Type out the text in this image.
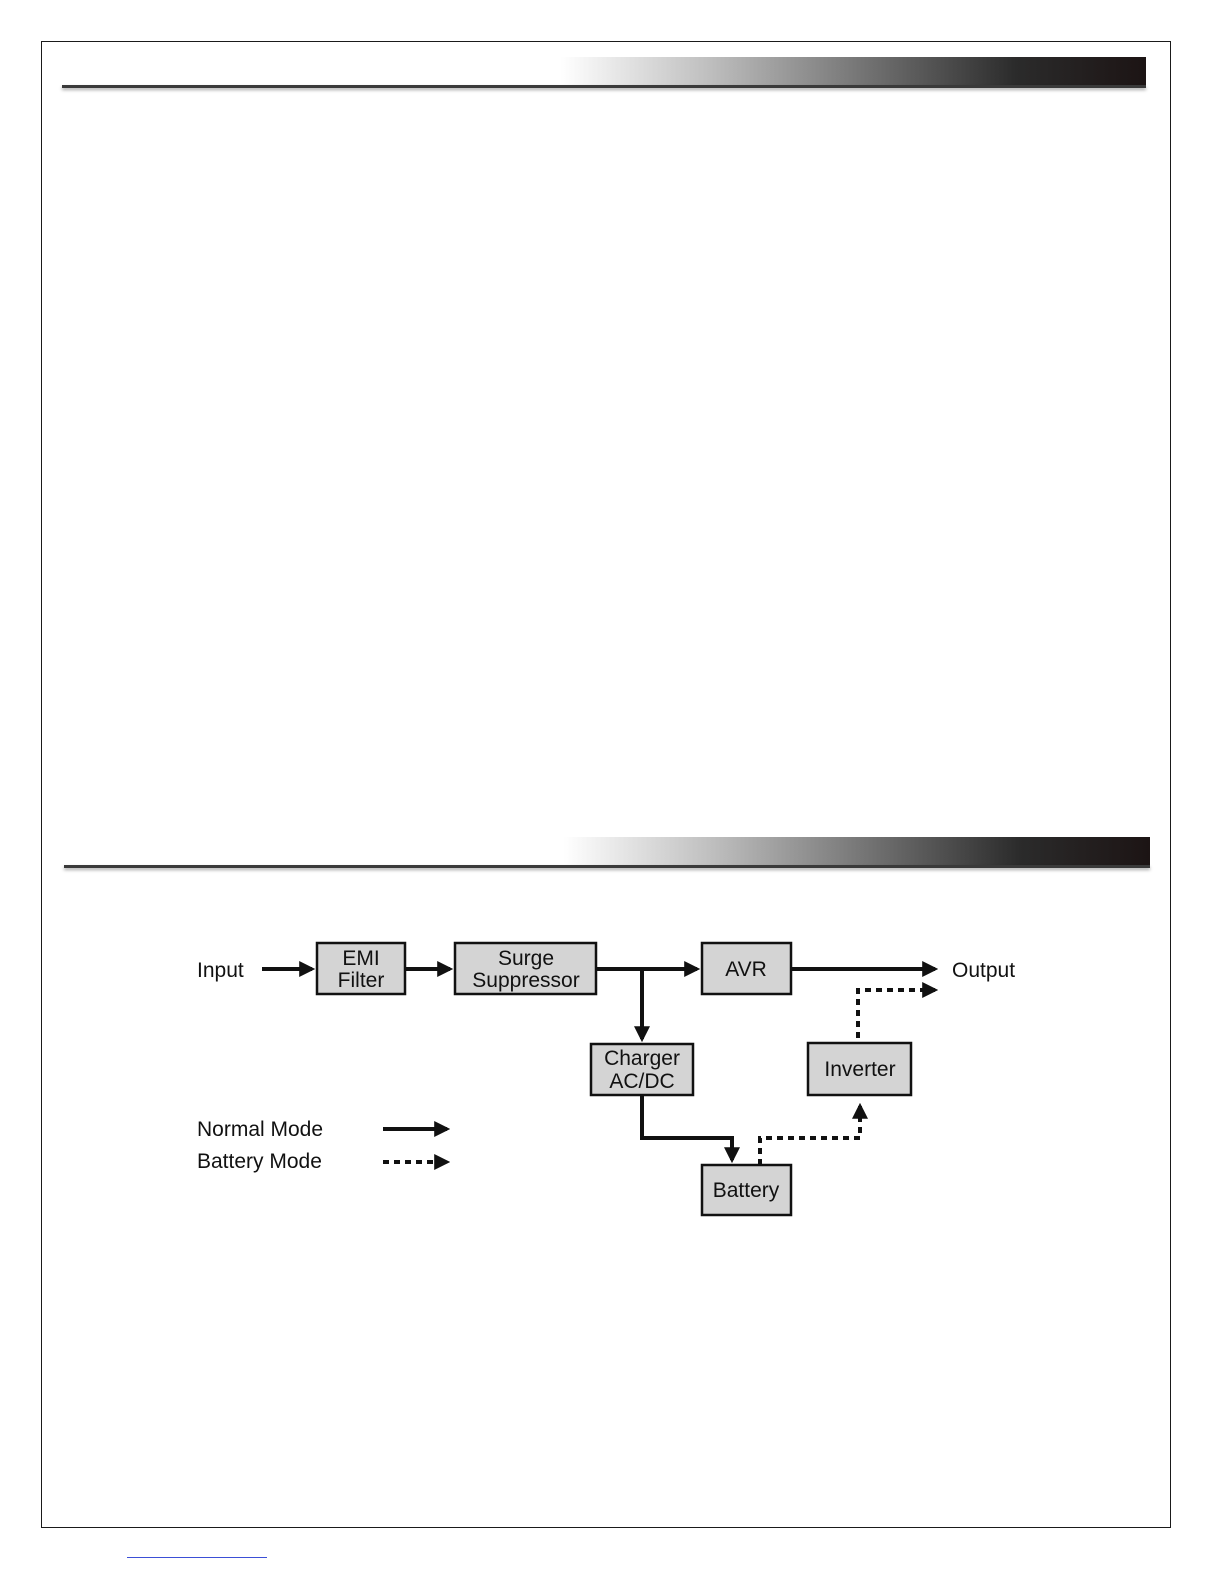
EMI
Filter
Surge
Suppressor	AVR
Charger
AC/DC
Inverter
Battery
Input	Output
Normal Mode
Battery Mode
